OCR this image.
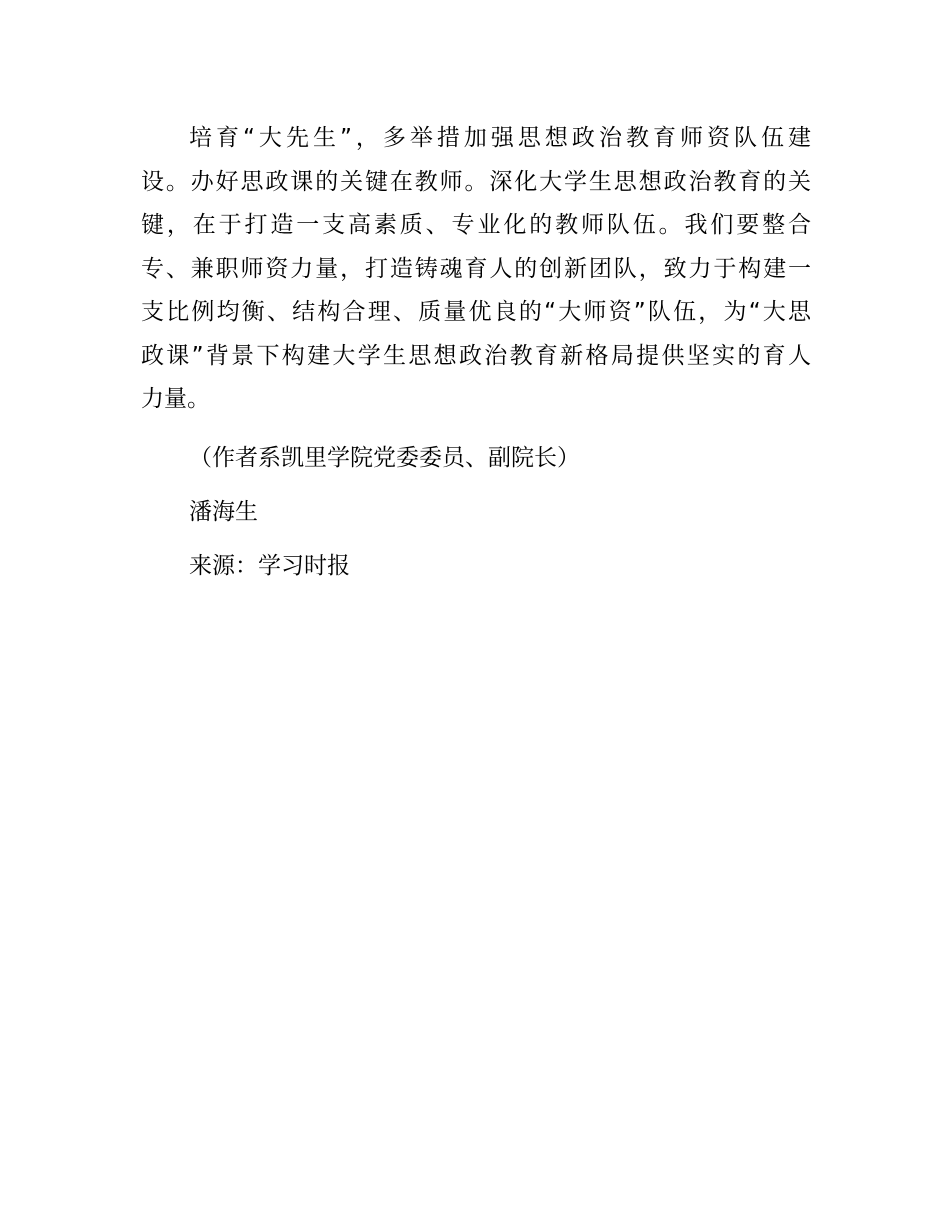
培育“大先生”，多举措加强思想政治教育师资队伍建
设。办好思政课的关键在教师。深化大学生思想政治教育的关
键，在于打造一支高素质、专业化的教师队伍。我们要整合
专、兼职师资力量，打造铸魂育人的创新团队，致力于构建一
支比例均衡、结构合理、质量优良的“大师资”队伍，为“大思
政课”背景下构建大学生思想政治教育新格局提供坚实的育人
力量。
（作者系凯里学院党委委员、副院长）
潘海生
来源：学习时报
